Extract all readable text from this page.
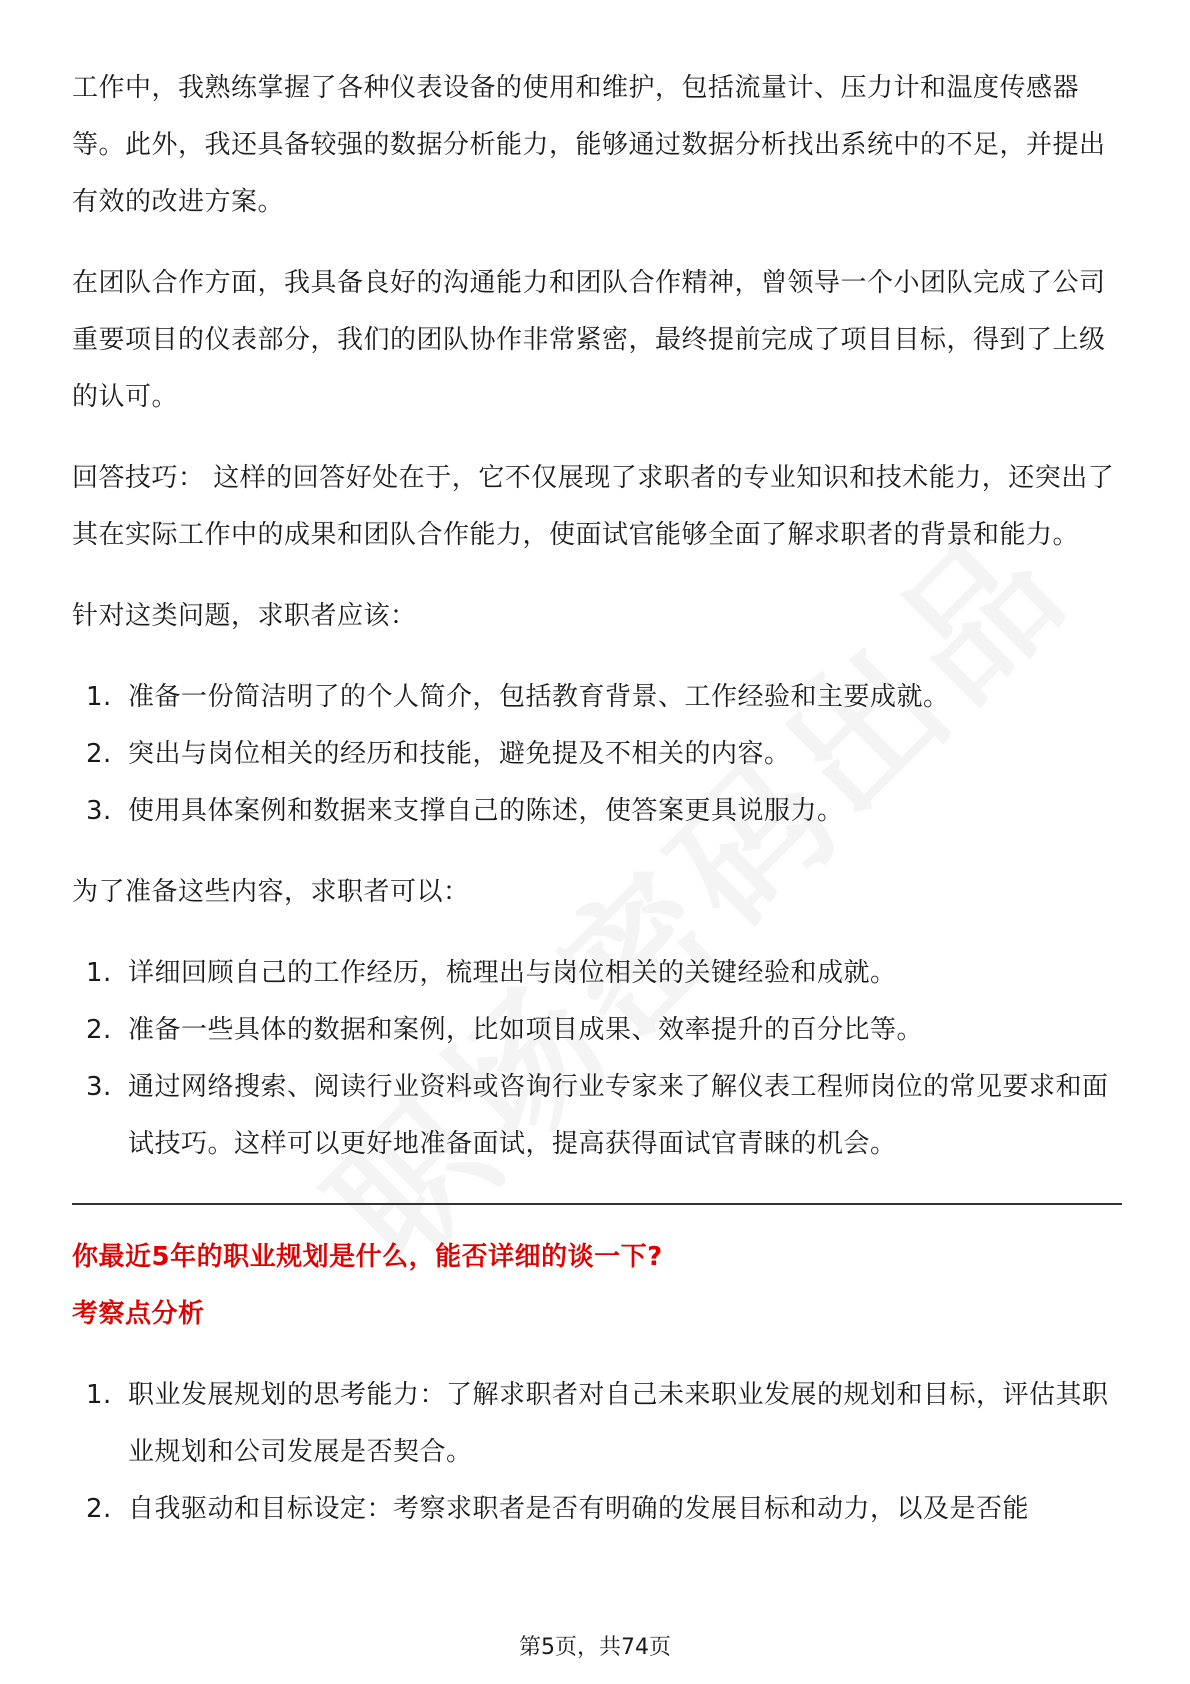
工作中，我熟练掌握了各种仪表设备的使用和维护，包括流量计、压力计和温度传感器等。此外，我还具备较强的数据分析能力，能够通过数据分析找出系统中的不足，并提出有效的改进方案。

在团队合作方面，我具备良好的沟通能力和团队合作精神，曾领导一个小团队完成了公司重要项目的仪表部分，我们的团队协作非常紧密，最终提前完成了项目目标，得到了上级的认可。

回答技巧： 这样的回答好处在于，它不仅展现了求职者的专业知识和技术能力，还突出了其在实际工作中的成果和团队合作能力，使面试官能够全面了解求职者的背景和能力。

针对这类问题，求职者应该：

1. 准备一份简洁明了的个人简介，包括教育背景、工作经验和主要成就。
2. 突出与岗位相关的经历和技能，避免提及不相关的内容。
3. 使用具体案例和数据来支撑自己的陈述，使答案更具说服力。

为了准备这些内容，求职者可以：

1. 详细回顾自己的工作经历，梳理出与岗位相关的关键经验和成就。
2. 准备一些具体的数据和案例，比如项目成果、效率提升的百分比等。
3. 通过网络搜索、阅读行业资料或咨询行业专家来了解仪表工程师岗位的常见要求和面试技巧。这样可以更好地准备面试，提高获得面试官青睐的机会。

你最近5年的职业规划是什么，能否详细的谈一下?

考察点分析

1. 职业发展规划的思考能力：了解求职者对自己未来职业发展的规划和目标，评估其职业规划和公司发展是否契合。
2. 自我驱动和目标设定：考察求职者是否有明确的发展目标和动力，以及是否能
第5页，共74页
